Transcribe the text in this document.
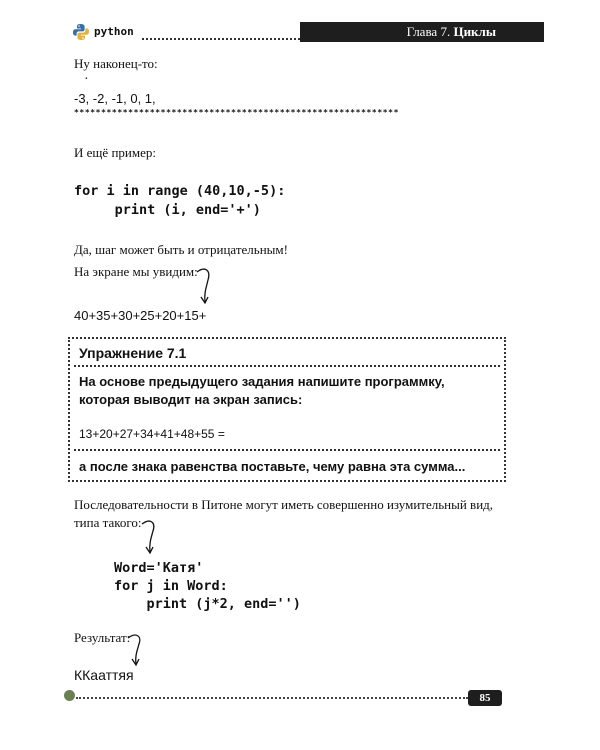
python	Глава 7. Циклы
Ну наконец-то:
·
-3, -2, -1, 0, 1,
************************************************************
И ещё пример:
for i in range (40,10,-5):
print (i, end='+')
Да, шаг может быть и отрицательным!
На экране мы увидим:
40+35+30+25+20+15+
Упражнение 7.1
На основе предыдущего задания напишите программку,
которая выводит на экран запись:
13+20+27+34+41+48+55 =
а после знака равенства поставьте, чему равна эта сумма...
Последовательности в Питоне могут иметь совершенно изумительный вид,
типа такого:
Word='Катя'
for j in Word:
print (j*2, end='')
Результат:
ККааттяя
85
